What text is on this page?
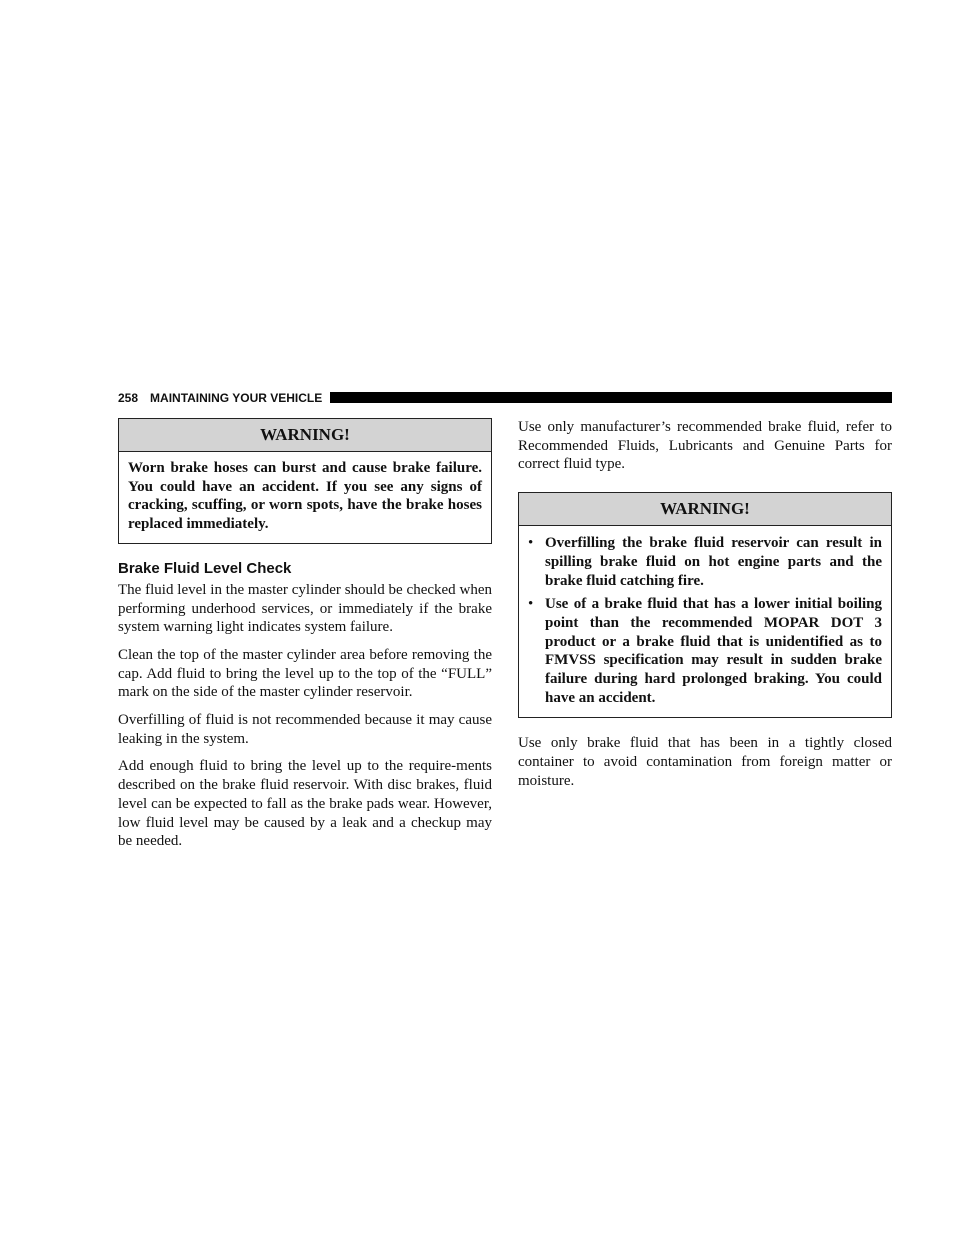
258 MAINTAINING YOUR VEHICLE
WARNING!
Worn brake hoses can burst and cause brake failure. You could have an accident. If you see any signs of cracking, scuffing, or worn spots, have the brake hoses replaced immediately.
Brake Fluid Level Check

The fluid level in the master cylinder should be checked when performing underhood services, or immediately if the brake system warning light indicates system failure.

Clean the top of the master cylinder area before removing the cap. Add fluid to bring the level up to the top of the “FULL” mark on the side of the master cylinder reservoir.

Overfilling of fluid is not recommended because it may cause leaking in the system.

Add enough fluid to bring the level up to the require-ments described on the brake fluid reservoir. With disc brakes, fluid level can be expected to fall as the brake pads wear. However, low fluid level may be caused by a leak and a checkup may be needed.

Use only manufacturer’s recommended brake fluid, refer to Recommended Fluids, Lubricants and Genuine Parts for correct fluid type.

WARNING!
• Overfilling the brake fluid reservoir can result in spilling brake fluid on hot engine parts and the brake fluid catching fire.
• Use of a brake fluid that has a lower initial boiling point than the recommended MOPAR DOT 3 product or a brake fluid that is unidentified as to FMVSS specification may result in sudden brake failure during hard prolonged braking. You could have an accident.

Use only brake fluid that has been in a tightly closed container to avoid contamination from foreign matter or moisture.
